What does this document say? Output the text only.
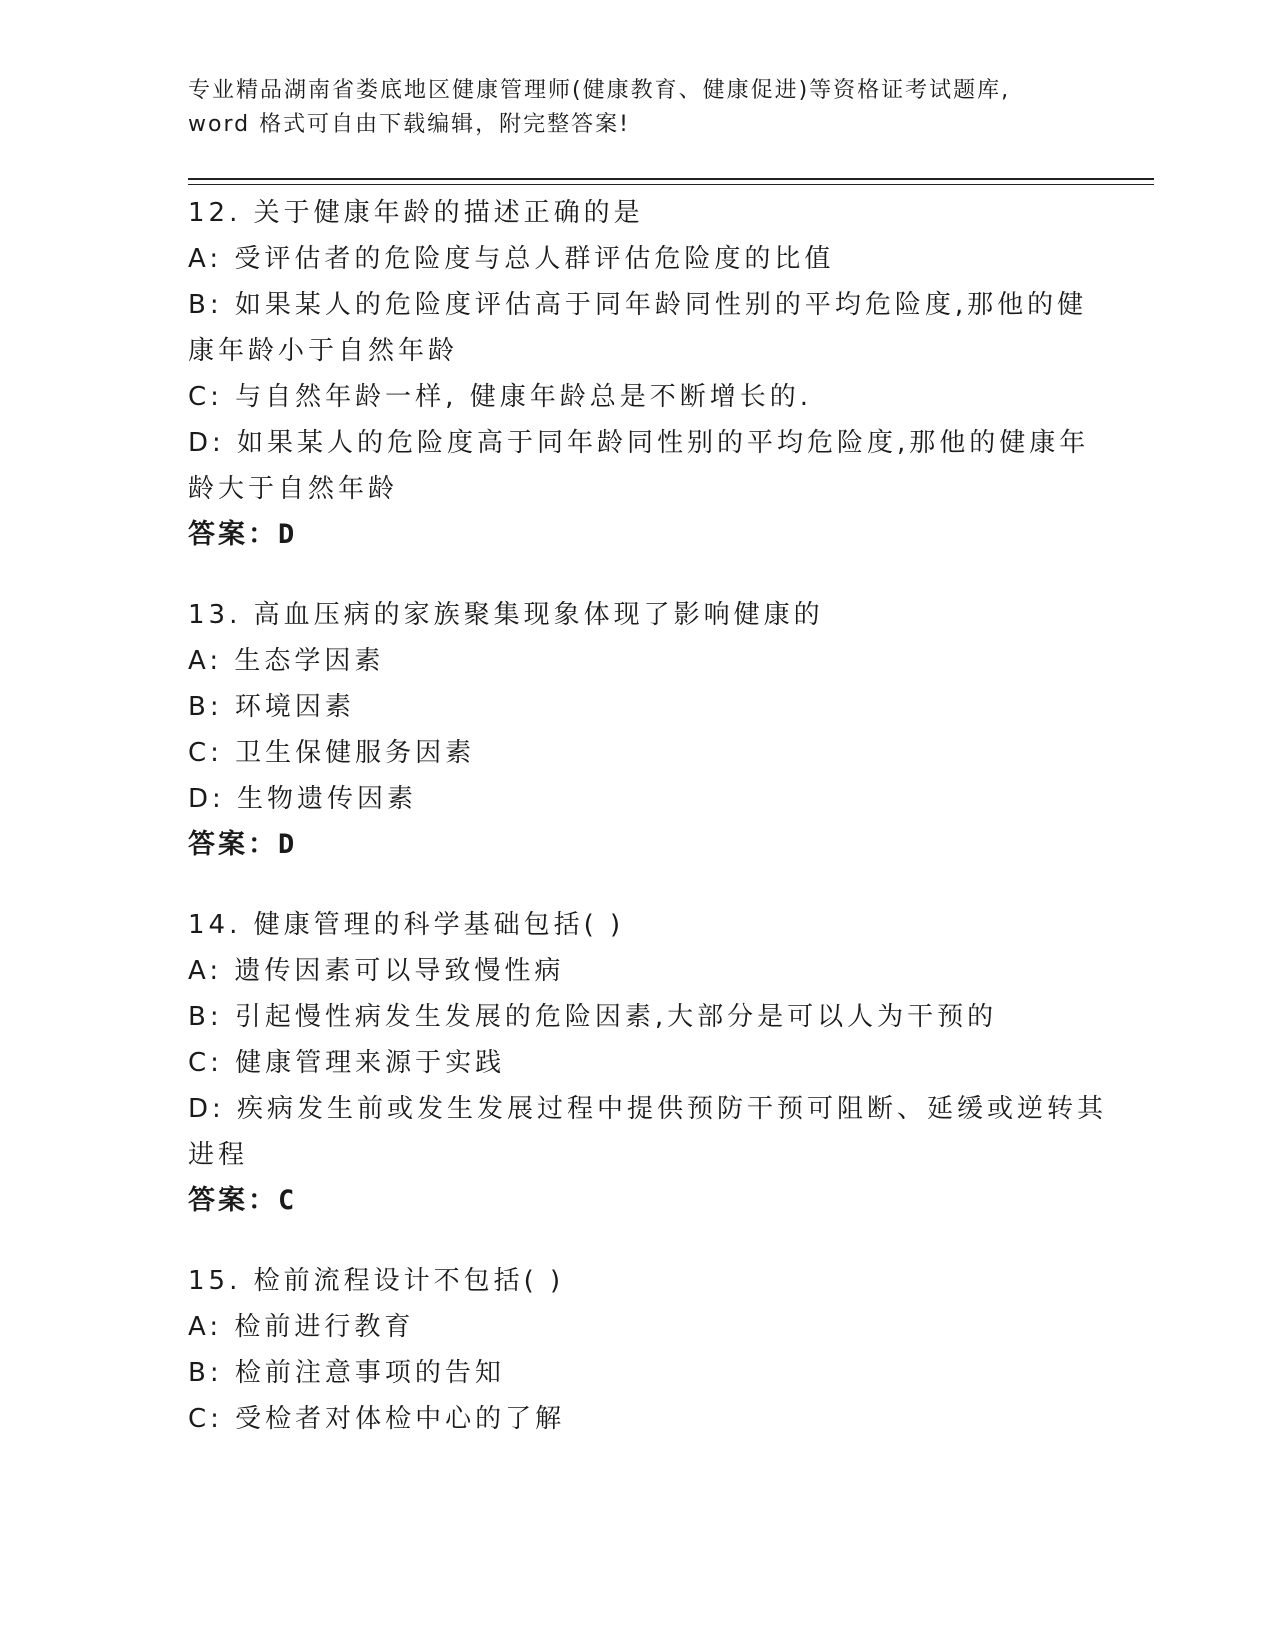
专业精品湖南省娄底地区健康管理师(健康教育、健康促进)等资格证考试题库,
word 格式可自由下载编辑，附完整答案!
12. 关于健康年龄的描述正确的是
A: 受评估者的危险度与总人群评估危险度的比值
B: 如果某人的危险度评估高于同年龄同性别的平均危险度,那他的健
康年龄小于自然年龄
C: 与自然年龄一样, 健康年龄总是不断增长的.
D: 如果某人的危险度高于同年龄同性别的平均危险度,那他的健康年
龄大于自然年龄
答案：D
13. 高血压病的家族聚集现象体现了影响健康的
A: 生态学因素
B: 环境因素
C: 卫生保健服务因素
D: 生物遗传因素
答案：D
14. 健康管理的科学基础包括( )
A: 遗传因素可以导致慢性病
B: 引起慢性病发生发展的危险因素,大部分是可以人为干预的
C: 健康管理来源于实践
D: 疾病发生前或发生发展过程中提供预防干预可阻断、延缓或逆转其
进程
答案：C
15. 检前流程设计不包括( )
A: 检前进行教育
B: 检前注意事项的告知
C: 受检者对体检中心的了解
